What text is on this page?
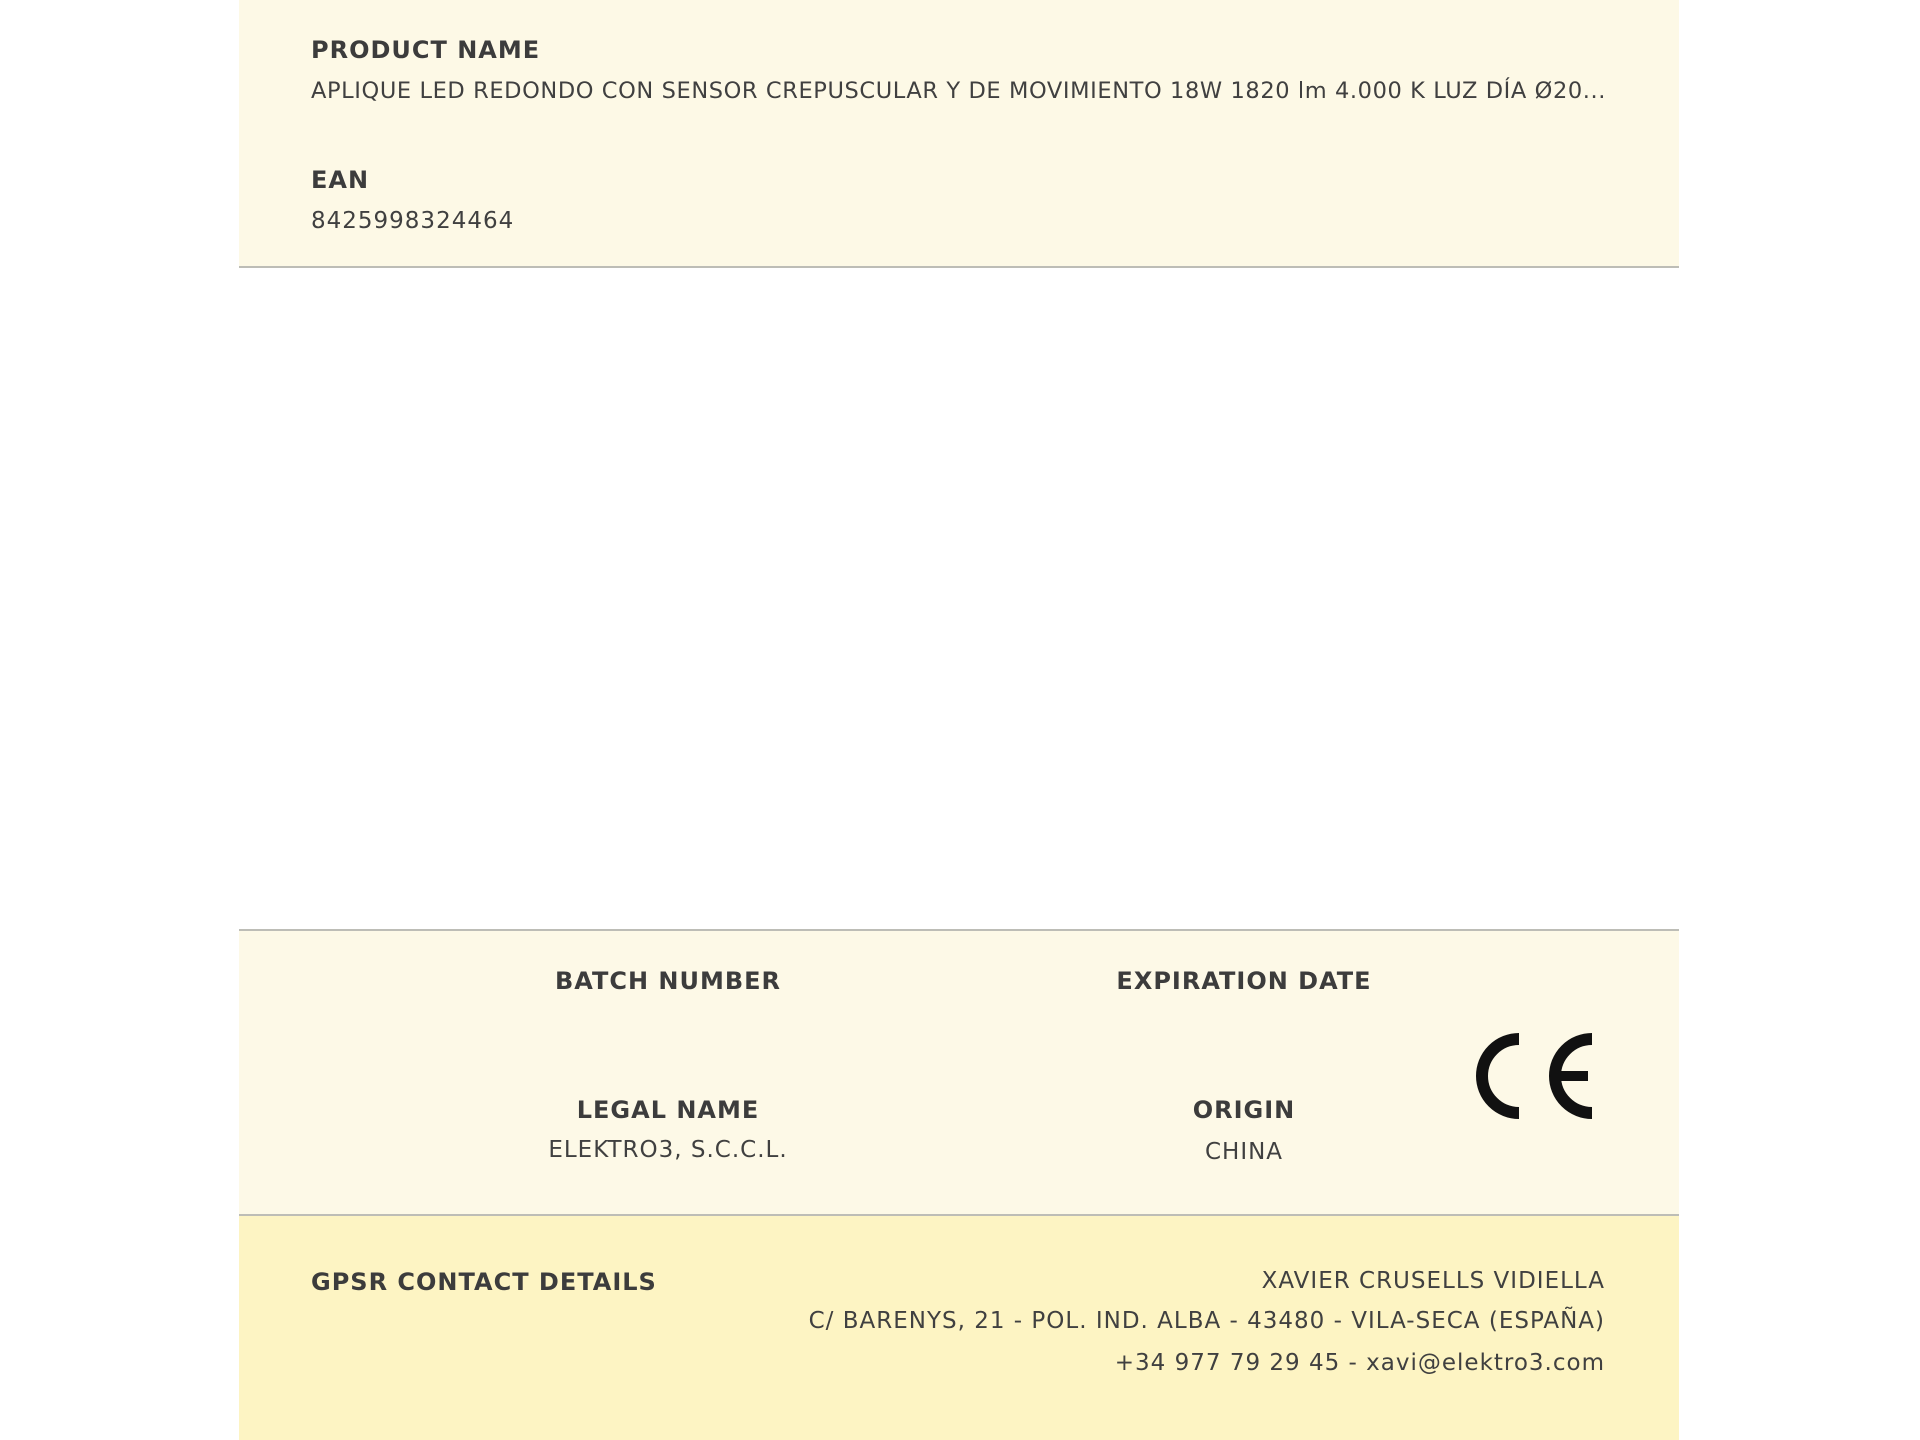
PRODUCT NAME
APLIQUE LED REDONDO CON SENSOR CREPUSCULAR Y DE MOVIMIENTO 18W 1820 lm 4.000 K LUZ DÍA Ø20...
EAN
8425998324464
BATCH NUMBER	EXPIRATION DATE
LEGAL NAME
ELEKTRO3, S.C.C.L.
ORIGIN
CHINA
GPSR CONTACT DETAILS	XAVIER CRUSELLS VIDIELLA
C/ BARENYS, 21 - POL. IND. ALBA - 43480 - VILA-SECA (ESPAÑA)
+34 977 79 29 45 - xavi@elektro3.com
